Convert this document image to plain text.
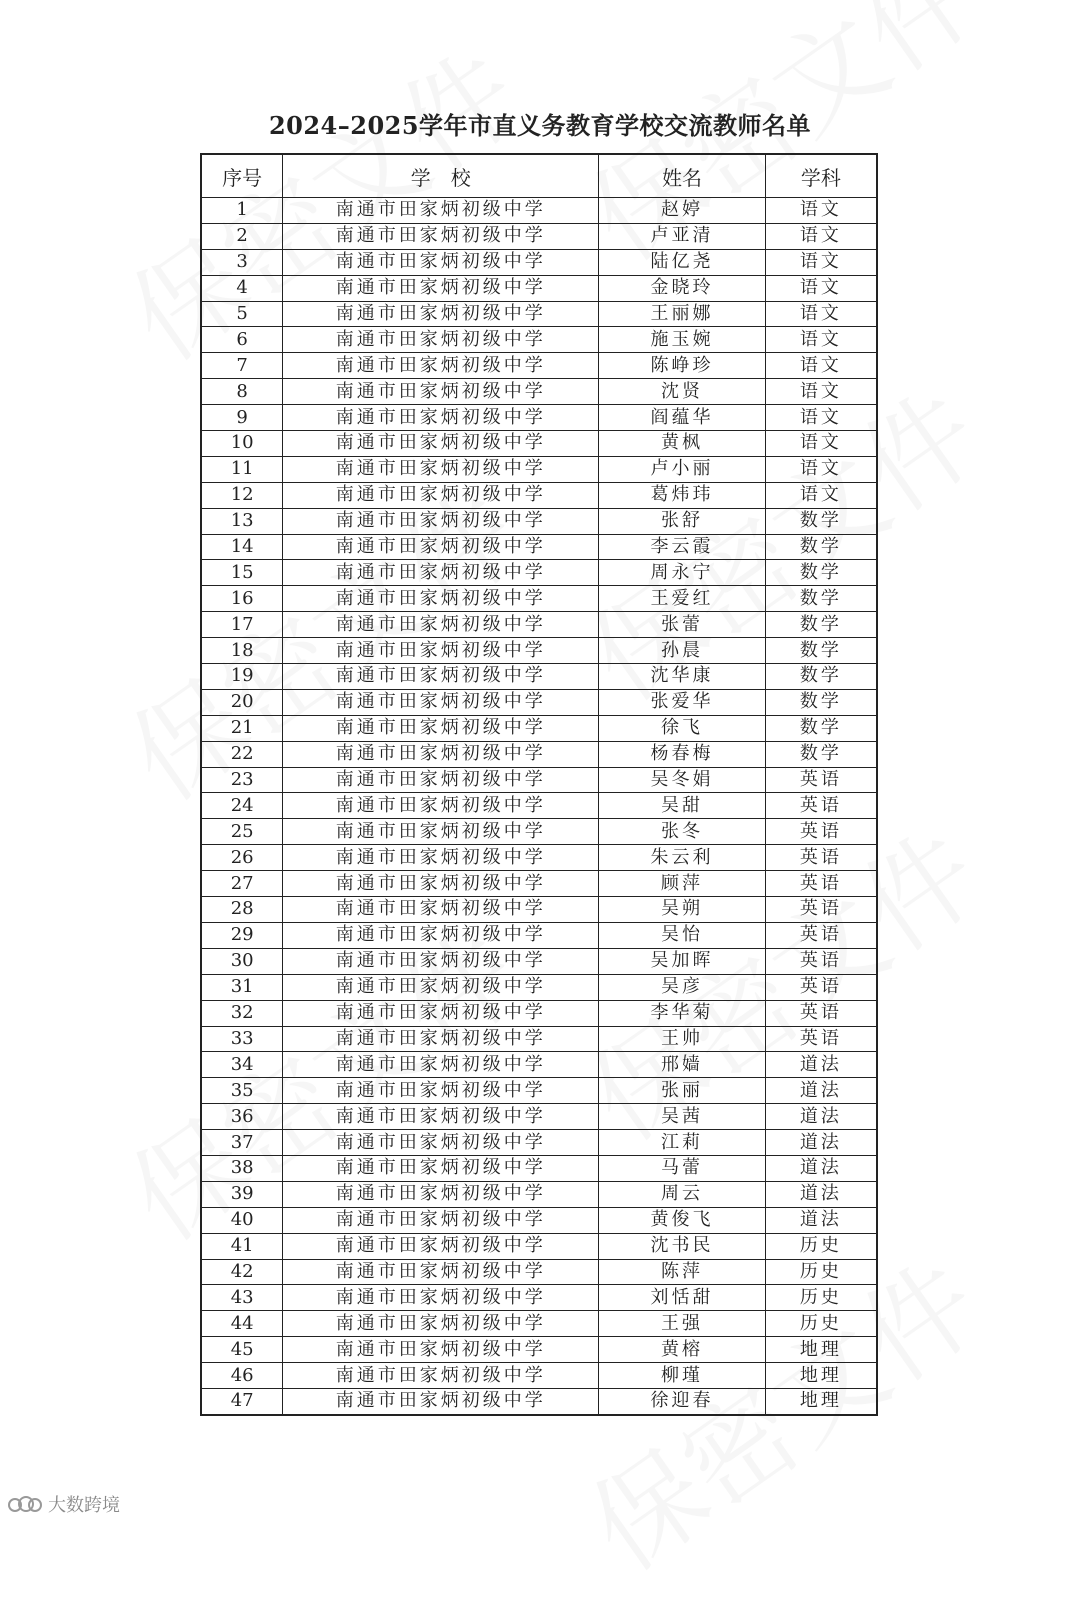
2024–2025学年市直义务教育学校交流教师名单
序号	学　校	姓名	学科
1	南通市田家炳初级中学	赵婷	语文
2	南通市田家炳初级中学	卢亚清	语文
3	南通市田家炳初级中学	陆亿尧	语文
4	南通市田家炳初级中学	金晓玲	语文
5	南通市田家炳初级中学	王丽娜	语文
6	南通市田家炳初级中学	施玉婉	语文
7	南通市田家炳初级中学	陈峥珍	语文
8	南通市田家炳初级中学	沈贤	语文
9	南通市田家炳初级中学	阎蕴华	语文
10	南通市田家炳初级中学	黄枫	语文
11	南通市田家炳初级中学	卢小丽	语文
12	南通市田家炳初级中学	葛炜玮	语文
13	南通市田家炳初级中学	张舒	数学
14	南通市田家炳初级中学	李云霞	数学
15	南通市田家炳初级中学	周永宁	数学
16	南通市田家炳初级中学	王爱红	数学
17	南通市田家炳初级中学	张蕾	数学
18	南通市田家炳初级中学	孙晨	数学
19	南通市田家炳初级中学	沈华康	数学
20	南通市田家炳初级中学	张爱华	数学
21	南通市田家炳初级中学	徐飞	数学
22	南通市田家炳初级中学	杨春梅	数学
23	南通市田家炳初级中学	吴冬娟	英语
24	南通市田家炳初级中学	吴甜	英语
25	南通市田家炳初级中学	张冬	英语
26	南通市田家炳初级中学	朱云利	英语
27	南通市田家炳初级中学	顾萍	英语
28	南通市田家炳初级中学	吴朔	英语
29	南通市田家炳初级中学	吴怡	英语
30	南通市田家炳初级中学	吴加晖	英语
31	南通市田家炳初级中学	吴彦	英语
32	南通市田家炳初级中学	李华菊	英语
33	南通市田家炳初级中学	王帅	英语
34	南通市田家炳初级中学	邢嫱	道法
35	南通市田家炳初级中学	张丽	道法
36	南通市田家炳初级中学	吴茜	道法
37	南通市田家炳初级中学	江莉	道法
38	南通市田家炳初级中学	马蕾	道法
39	南通市田家炳初级中学	周云	道法
40	南通市田家炳初级中学	黄俊飞	道法
41	南通市田家炳初级中学	沈书民	历史
42	南通市田家炳初级中学	陈萍	历史
43	南通市田家炳初级中学	刘恬甜	历史
44	南通市田家炳初级中学	王强	历史
45	南通市田家炳初级中学	黄榕	地理
46	南通市田家炳初级中学	柳瑾	地理
47	南通市田家炳初级中学	徐迎春	地理
大数跨境
